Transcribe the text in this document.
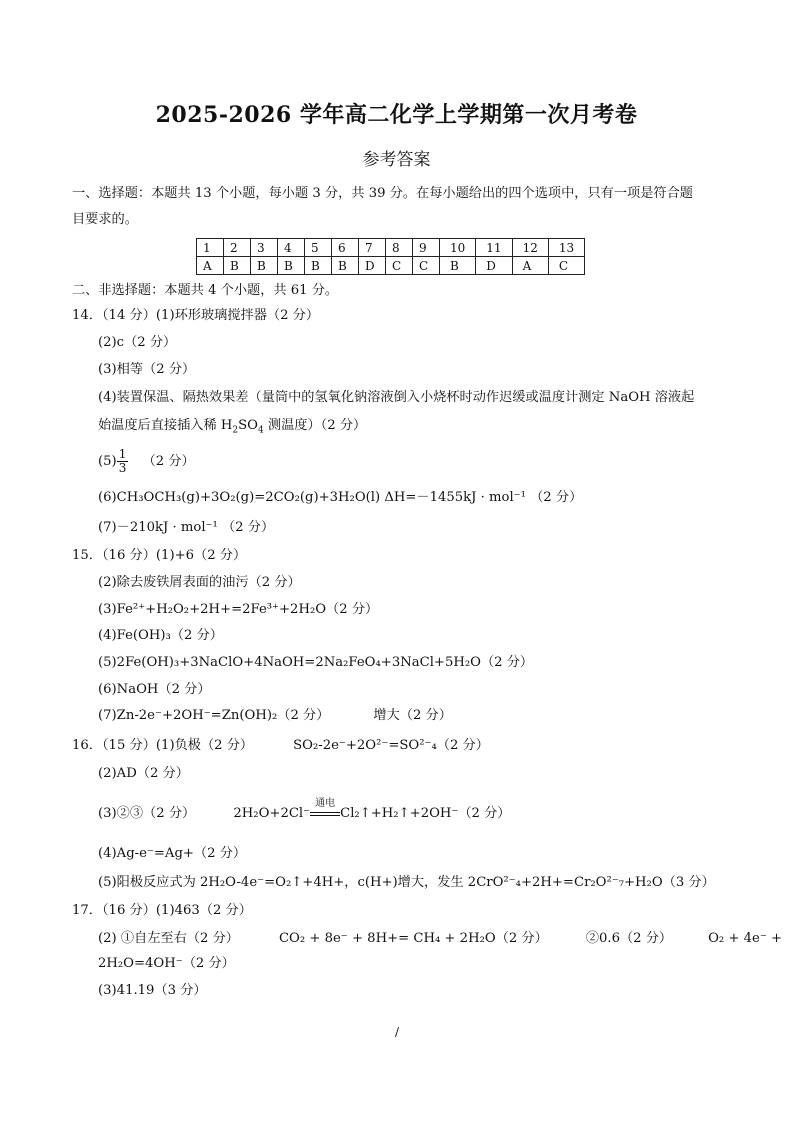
2025-2026 学年高二化学上学期第一次月考卷
参考答案
一、选择题：本题共 13 个小题，每小题 3 分，共 39 分。在每小题给出的四个选项中，只有一项是符合题
目要求的。
1	2	3	4	5	6	7	8	9	10	11	12	13
A	B	B	B	B	B	D	C	C	B	D	A	C
二、非选择题：本题共 4 个小题，共 61 分。
14．（14 分）(1)环形玻璃搅拌器（2 分）
(2)c（2 分）
(3)相等（2 分）
(4)装置保温、隔热效果差（量筒中的氢氧化钠溶液倒入小烧杯时动作迟缓或温度计测定 NaOH 溶液起
始温度后直接插入稀 $H_2SO_4$ 测温度）（2 分）
$(5) \frac{1}{3} (2$ 分）
(6)CH₃OCH₃(g)+3O₂(g)=2CO₂(g)+3H₂O(l) ΔH=－1455kJ · mol⁻¹ （2 分）
(7)－210kJ · mol⁻¹ （2 分）
15．（16 分）(1)+6（2 分）
(2)除去废铁屑表面的油污（2 分）
(3)Fe²⁺+H₂O₂+2H+=2Fe³⁺+2H₂O（2 分）
(4)Fe(OH)₃（2 分）
(5)2Fe(OH)₃+3NaClO+4NaOH=2Na₂FeO₄+3NaCl+5H₂O（2 分）
(6)NaOH（2 分）
(7)Zn-2e⁻+2OH⁻=Zn(OH)₂（2 分）	增大（2 分）
16．（15 分）(1)负极（2 分）	SO₂-2e⁻+2O²⁻=SO²⁻₄（2 分）
(2)AD（2 分）
(3)②③（2 分）	2H₂O+2Cl⁻
通电
Cl₂↑+H₂↑+2OH⁻（2 分）
(4)Ag-e⁻=Ag+（2 分）
(5)阳极反应式为 2H₂O-4e⁻=O₂↑+4H+，c(H+)增大，发生 2CrO²⁻₄+2H+=Cr₂O²⁻₇+H₂O（3 分）
17．（16 分）(1)463（2 分）
(2) ①自左至右（2 分）	CO₂ + 8e⁻ + 8H+= CH₄ + 2H₂O（2 分）	②0.6（2 分）	O₂ + 4e⁻ +
2H₂O=4OH⁻（2 分）
(3)41.19（3 分）
/
